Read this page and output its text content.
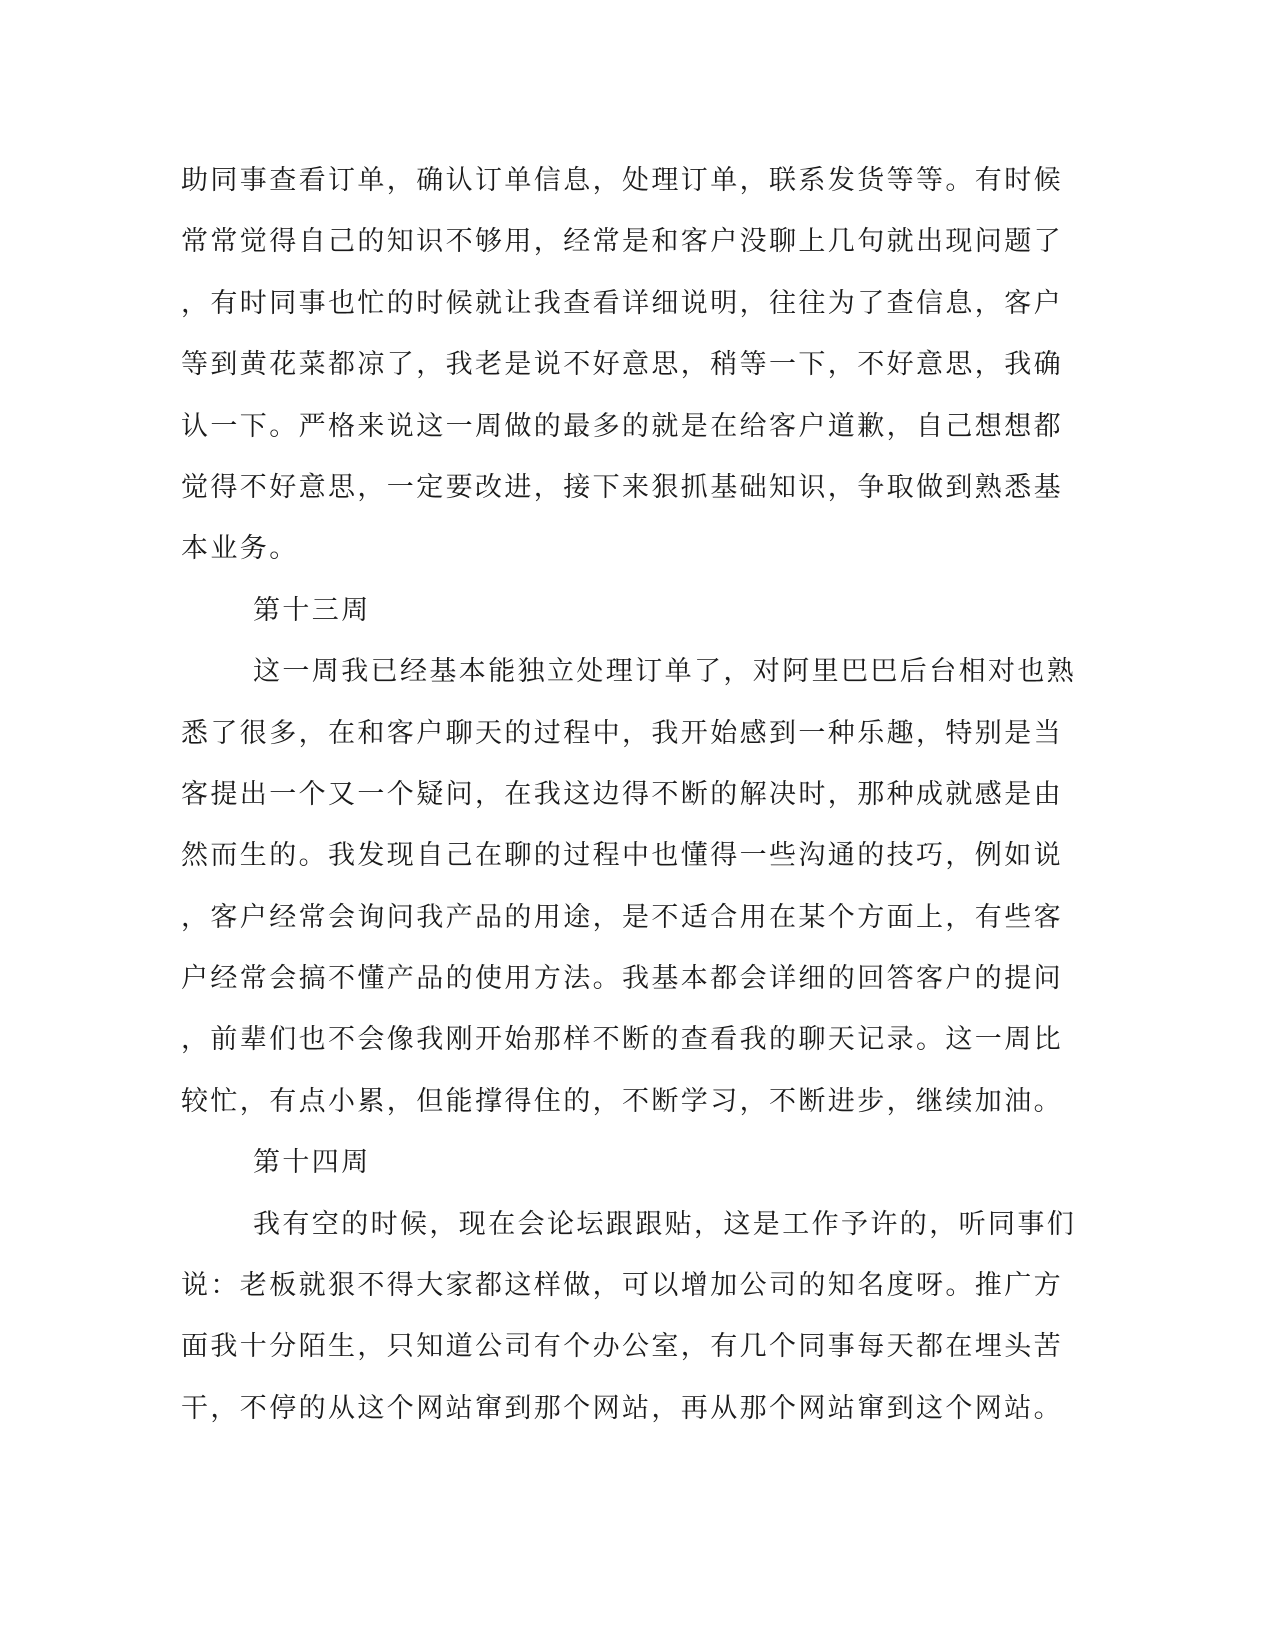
助同事查看订单，确认订单信息，处理订单，联系发货等等。有时候
常常觉得自己的知识不够用，经常是和客户没聊上几句就出现问题了
，有时同事也忙的时候就让我查看详细说明，往往为了查信息，客户
等到黄花菜都凉了，我老是说不好意思，稍等一下，不好意思，我确
认一下。严格来说这一周做的最多的就是在给客户道歉，自己想想都
觉得不好意思，一定要改进，接下来狠抓基础知识，争取做到熟悉基
本业务。
第十三周
这一周我已经基本能独立处理订单了，对阿里巴巴后台相对也熟
悉了很多，在和客户聊天的过程中，我开始感到一种乐趣，特别是当
客提出一个又一个疑问，在我这边得不断的解决时，那种成就感是由
然而生的。我发现自己在聊的过程中也懂得一些沟通的技巧，例如说
，客户经常会询问我产品的用途，是不适合用在某个方面上，有些客
户经常会搞不懂产品的使用方法。我基本都会详细的回答客户的提问
，前辈们也不会像我刚开始那样不断的查看我的聊天记录。这一周比
较忙，有点小累，但能撑得住的，不断学习，不断进步，继续加油。
第十四周
我有空的时候，现在会论坛跟跟贴，这是工作予许的，听同事们
说：老板就狠不得大家都这样做，可以增加公司的知名度呀。推广方
面我十分陌生，只知道公司有个办公室，有几个同事每天都在埋头苦
干，不停的从这个网站窜到那个网站，再从那个网站窜到这个网站。
